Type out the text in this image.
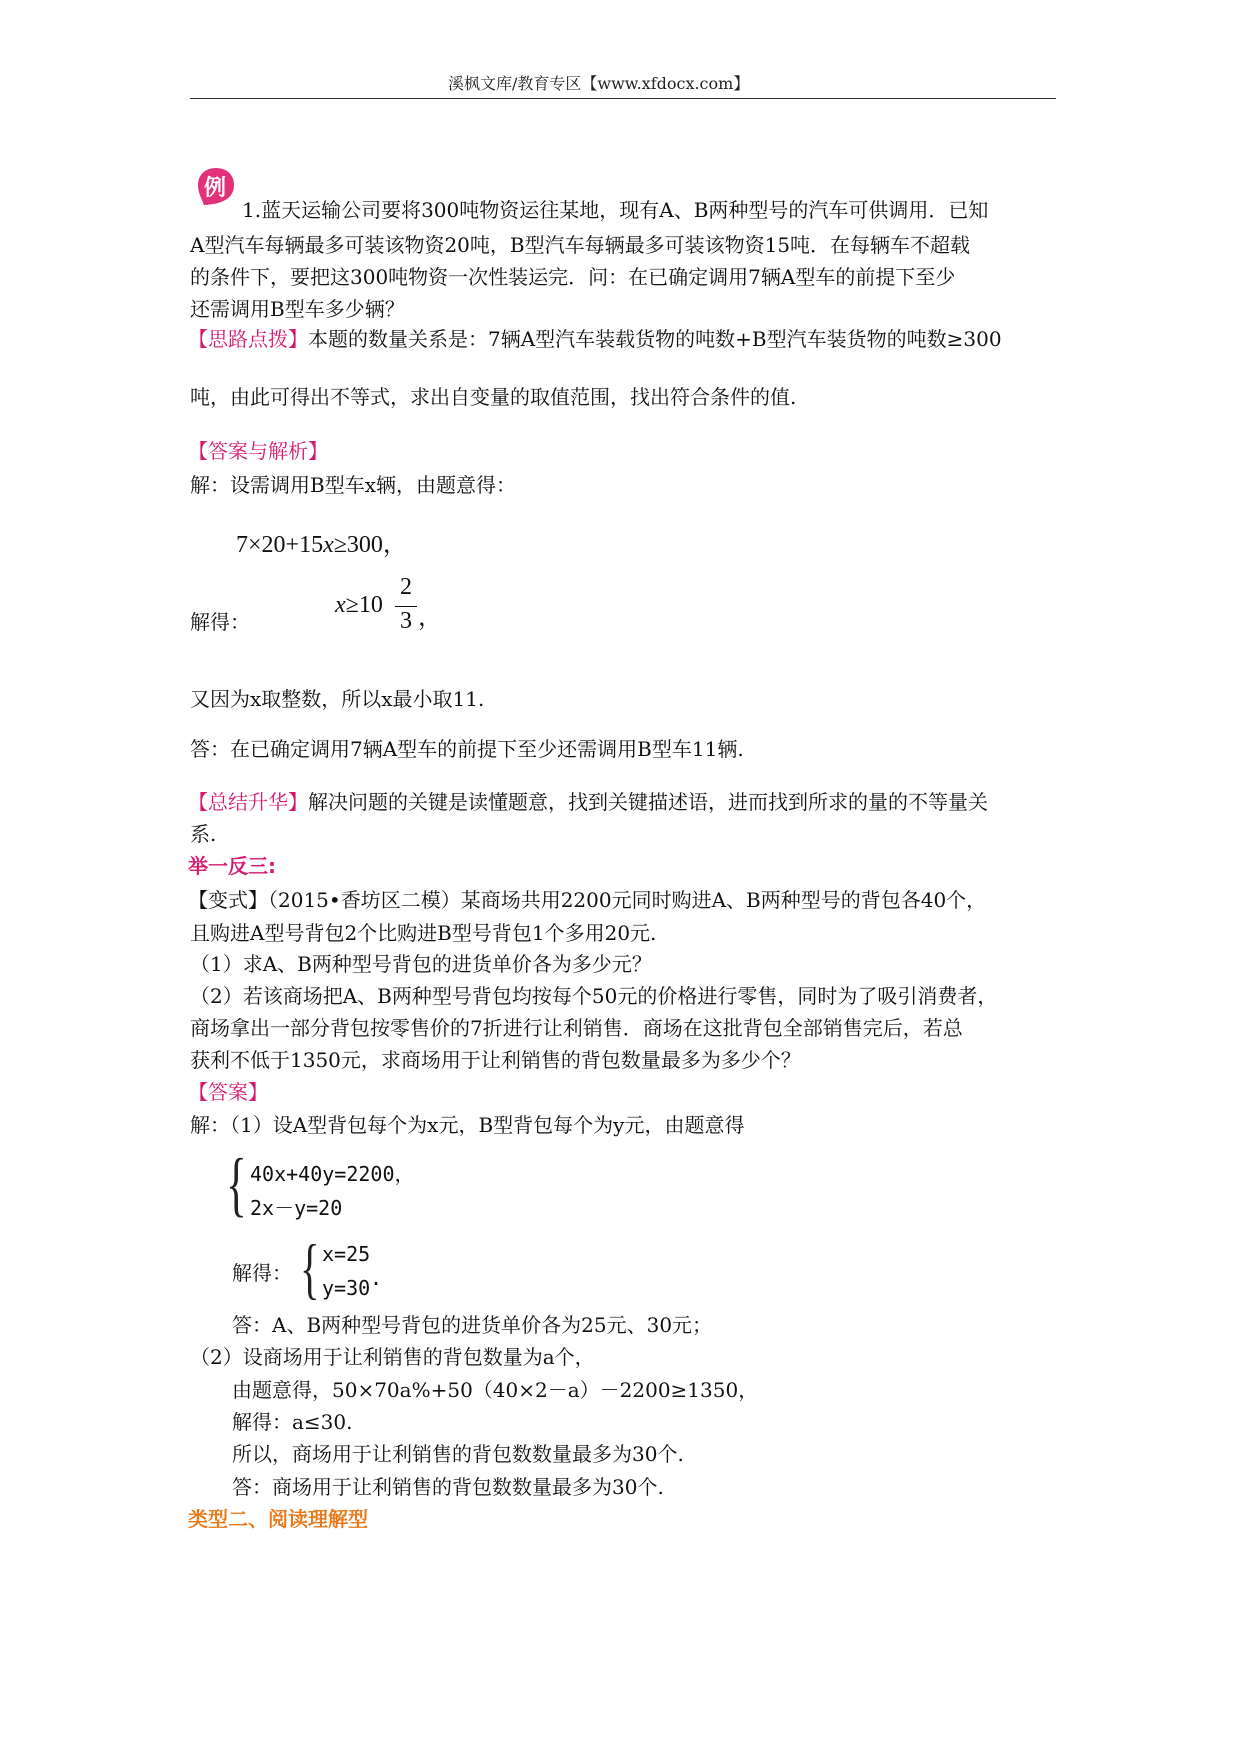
溪枫文库/教育专区【www.xfdocx.com】
例
1.蓝天运输公司要将300吨物资运往某地，现有A、B两种型号的汽车可供调用．已知
A型汽车每辆最多可装该物资20吨，B型汽车每辆最多可装该物资15吨．在每辆车不超载
的条件下，要把这300吨物资一次性装运完．问：在已确定调用7辆A型车的前提下至少
还需调用B型车多少辆？
【思路点拨】本题的数量关系是：7辆A型汽车装载货物的吨数+B型汽车装货物的吨数≥300
吨，由此可得出不等式，求出自变量的取值范围，找出符合条件的值.
【答案与解析】
解：设需调用B型车x辆，由题意得：
7×20+15x≥300，
解得：
x≥10
2
3 ，
又因为x取整数，所以x最小取11.
答：在已确定调用7辆A型车的前提下至少还需调用B型车11辆.
【总结升华】解决问题的关键是读懂题意，找到关键描述语，进而找到所求的量的不等量关
系.
举一反三:
【变式】（2015•香坊区二模）某商场共用2200元同时购进A、B两种型号的背包各40个，
且购进A型号背包2个比购进B型号背包1个多用20元.
（1）求A、B两种型号背包的进货单价各为多少元？
（2）若该商场把A、B两种型号背包均按每个50元的价格进行零售，同时为了吸引消费者，
商场拿出一部分背包按零售价的7折进行让利销售．商场在这批背包全部销售完后，若总
获利不低于1350元，求商场用于让利销售的背包数量最多为多少个？
【答案】
解：（1）设A型背包每个为x元，B型背包每个为y元，由题意得
{ 40x+40y=2200，
2x－y=20
解得： { x=25
y=30 .
答：A、B两种型号背包的进货单价各为25元、30元；
（2）设商场用于让利销售的背包数量为a个，
由题意得，50×70a%+50（40×2－a）－2200≥1350，
解得：a≤30.
所以，商场用于让利销售的背包数数量最多为30个.
答：商场用于让利销售的背包数数量最多为30个.
类型二、阅读理解型
